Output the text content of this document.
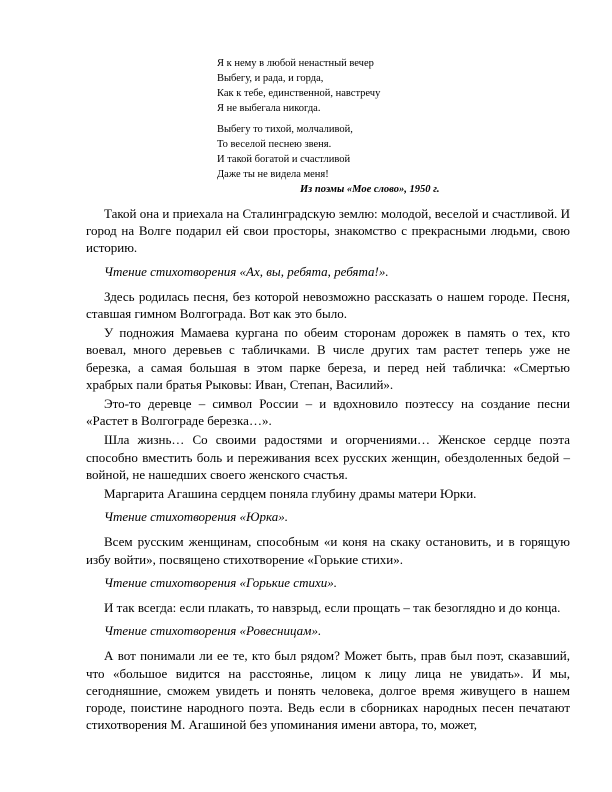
Я к нему в любой ненастный вечер
Выбегу, и рада, и горда,
Как к тебе, единственной, навстречу
Я не выбегала никогда.
Выбегу то тихой, молчаливой,
То веселой песнею звеня.
И такой богатой и счастливой
Даже ты не видела меня!
Из поэмы «Мое слово», 1950 г.

Такой она и приехала на Сталинградскую землю: молодой, веселой и счастливой. И город на Волге подарил ей свои просторы, знакомство с прекрасными людьми, свою историю.

Чтение стихотворения «Ах, вы, ребята, ребята!».

Здесь родилась песня, без которой невозможно рассказать о нашем городе. Песня, ставшая гимном Волгограда. Вот как это было.

У подножия Мамаева кургана по обеим сторонам дорожек в память о тех, кто воевал, много деревьев с табличками. В числе других там растет теперь уже не березка, а самая большая в этом парке береза, и перед ней табличка: «Смертью храбрых пали братья Рыковы: Иван, Степан, Василий».

Это-то деревце – символ России – и вдохновило поэтессу на создание песни «Растет в Волгограде березка…».

Шла жизнь… Со своими радостями и огорчениями… Женское сердце поэта способно вместить боль и переживания всех русских женщин, обездоленных бедой – войной, не нашедших своего женского счастья.

Маргарита Агашина сердцем поняла глубину драмы матери Юрки.

Чтение стихотворения «Юрка».

Всем русским женщинам, способным «и коня на скаку остановить, и в горящую избу войти», посвящено стихотворение «Горькие стихи».

Чтение стихотворения «Горькие стихи».

И так всегда: если плакать, то навзрыд, если прощать – так безоглядно и до конца.

Чтение стихотворения «Ровесницам».

А вот понимали ли ее те, кто был рядом? Может быть, прав был поэт, сказавший, что «большое видится на расстоянье, лицом к лицу лица не увидать». И мы, сегодняшние, сможем увидеть и понять человека, долгое время живущего в нашем городе, поистине народного поэта. Ведь если в сборниках народных песен печатают стихотворения М. Агашиной без упоминания имени автора, то, может,
